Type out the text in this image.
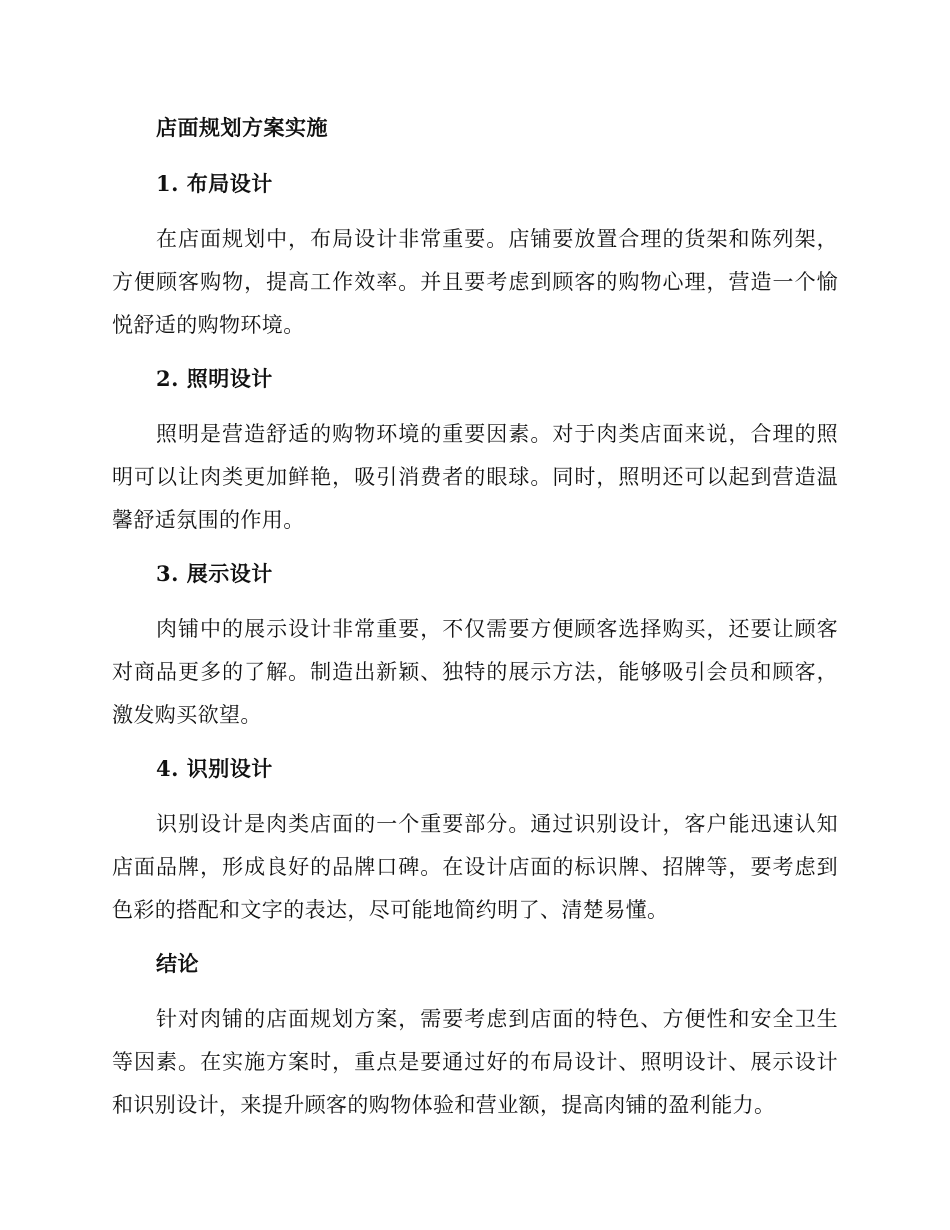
店面规划方案实施
1. 布局设计

在店面规划中，布局设计非常重要。店铺要放置合理的货架和陈列架，方便顾客购物，提高工作效率。并且要考虑到顾客的购物心理，营造一个愉悦舒适的购物环境。

2. 照明设计

照明是营造舒适的购物环境的重要因素。对于肉类店面来说，合理的照明可以让肉类更加鲜艳，吸引消费者的眼球。同时，照明还可以起到营造温馨舒适氛围的作用。

3. 展示设计

肉铺中的展示设计非常重要，不仅需要方便顾客选择购买，还要让顾客对商品更多的了解。制造出新颖、独特的展示方法，能够吸引会员和顾客，激发购买欲望。

4. 识别设计

识别设计是肉类店面的一个重要部分。通过识别设计，客户能迅速认知店面品牌，形成良好的品牌口碑。在设计店面的标识牌、招牌等，要考虑到色彩的搭配和文字的表达，尽可能地简约明了、清楚易懂。

结论

针对肉铺的店面规划方案，需要考虑到店面的特色、方便性和安全卫生等因素。在实施方案时，重点是要通过好的布局设计、照明设计、展示设计和识别设计，来提升顾客的购物体验和营业额，提高肉铺的盈利能力。
